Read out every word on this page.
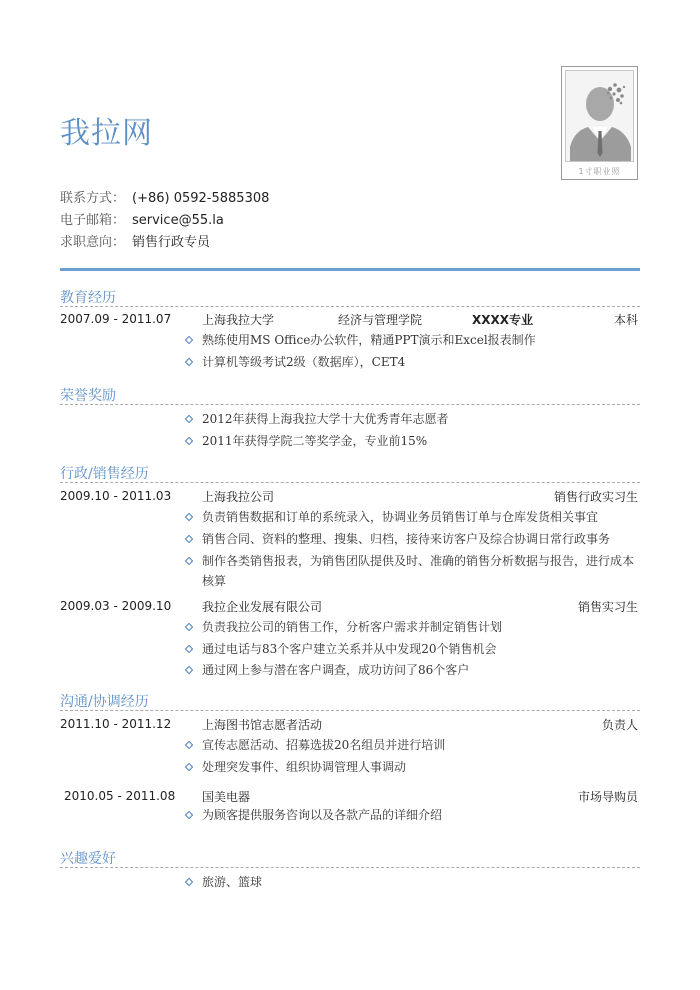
我拉网
1寸职业照
联系方式： (+86) 0592-5885308
电子邮箱： service@55.la
求职意向： 销售行政专员
教育经历
2007.09 - 2011.07	上海我拉大学	经济与管理学院	XXXX专业	本科
熟练使用MS Office办公软件，精通PPT演示和Excel报表制作
计算机等级考试2级（数据库），CET4
荣誉奖励
2012年获得上海我拉大学十大优秀青年志愿者
2011年获得学院二等奖学金，专业前15%
行政/销售经历
2009.10 - 2011.03	上海我拉公司	销售行政实习生
负责销售数据和订单的系统录入，协调业务员销售订单与仓库发货相关事宜
销售合同、资料的整理、搜集、归档，接待来访客户及综合协调日常行政事务
制作各类销售报表，为销售团队提供及时、准确的销售分析数据与报告，进行成本核算
2009.03 - 2009.10	我拉企业发展有限公司	销售实习生
负责我拉公司的销售工作，分析客户需求并制定销售计划
通过电话与83个客户建立关系并从中发现20个销售机会
通过网上参与潜在客户调查，成功访问了86个客户
沟通/协调经历
2011.10 - 2011.12	上海图书馆志愿者活动	负责人
宣传志愿活动、招募选拔20名组员并进行培训
处理突发事件、组织协调管理人事调动
2010.05 - 2011.08 国美电器	市场导购员
为顾客提供服务咨询以及各款产品的详细介绍
兴趣爱好
旅游、篮球
